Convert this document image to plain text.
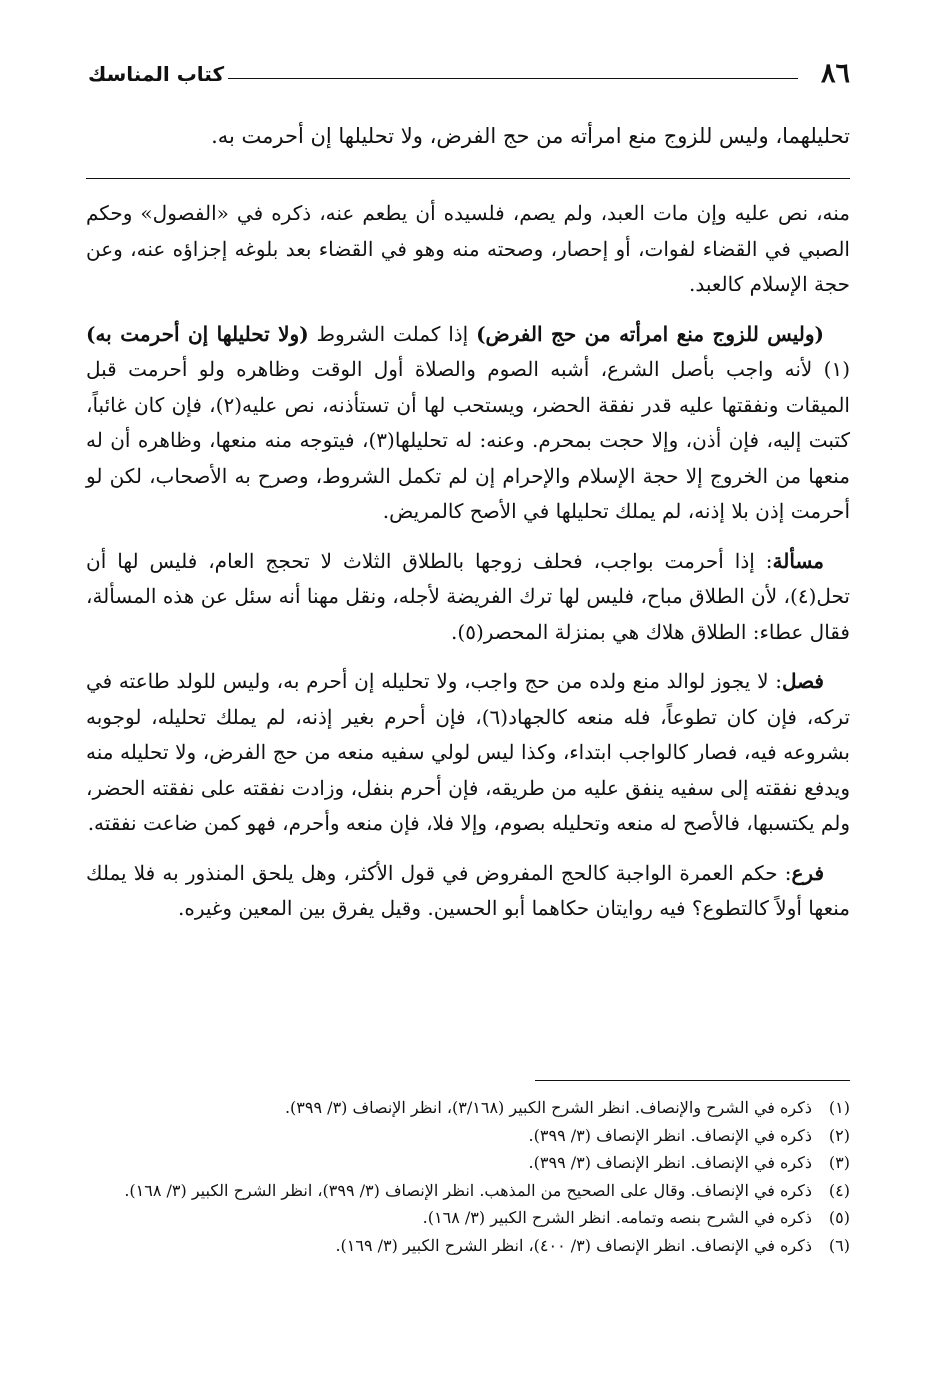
٨٦
كتاب المناسك
تحليلهما، وليس للزوج منع امرأته من حج الفرض، ولا تحليلها إن أحرمت به.

منه، نص عليه وإن مات العبد، ولم يصم، فلسيده أن يطعم عنه، ذكره في «الفصول» وحكم الصبي في القضاء لفوات، أو إحصار، وصحته منه وهو في القضاء بعد بلوغه إجزاؤه عنه، وعن حجة الإسلام كالعبد.

(وليس للزوج منع امرأته من حج الفرض) إذا كملت الشروط (ولا تحليلها إن أحرمت به)(١) لأنه واجب بأصل الشرع، أشبه الصوم والصلاة أول الوقت وظاهره ولو أحرمت قبل الميقات ونفقتها عليه قدر نفقة الحضر، ويستحب لها أن تستأذنه، نص عليه(٢)، فإن كان غائباً، كتبت إليه، فإن أذن، وإلا حجت بمحرم. وعنه: له تحليلها(٣)، فيتوجه منه منعها، وظاهره أن له منعها من الخروج إلا حجة الإسلام والإحرام إن لم تكمل الشروط، وصرح به الأصحاب، لكن لو أحرمت إذن بلا إذنه، لم يملك تحليلها في الأصح كالمريض.

مسألة: إذا أحرمت بواجب، فحلف زوجها بالطلاق الثلاث لا تحجج العام، فليس لها أن تحل(٤)، لأن الطلاق مباح، فليس لها ترك الفريضة لأجله، ونقل مهنا أنه سئل عن هذه المسألة، فقال عطاء: الطلاق هلاك هي بمنزلة المحصر(٥).

فصل: لا يجوز لوالد منع ولده من حج واجب، ولا تحليله إن أحرم به، وليس للولد طاعته في تركه، فإن كان تطوعاً، فله منعه كالجهاد(٦)، فإن أحرم بغير إذنه، لم يملك تحليله، لوجوبه بشروعه فيه، فصار كالواجب ابتداء، وكذا ليس لولي سفيه منعه من حج الفرض، ولا تحليله منه ويدفع نفقته إلى سفيه ينفق عليه من طريقه، فإن أحرم بنفل، وزادت نفقته على نفقته الحضر، ولم يكتسبها، فالأصح له منعه وتحليله بصوم، وإلا فلا، فإن منعه وأحرم، فهو كمن ضاعت نفقته.

فرع: حكم العمرة الواجبة كالحج المفروض في قول الأكثر، وهل يلحق المنذور به فلا يملك منعها أولاً كالتطوع؟ فيه روايتان حكاهما أبو الحسين. وقيل يفرق بين المعين وغيره.

(١)
ذكره في الشرح والإنصاف. انظر الشرح الكبير (٣/١٦٨)، انظر الإنصاف (٣/ ٣٩٩).
(٢)
ذكره في الإنصاف. انظر الإنصاف (٣/ ٣٩٩).
(٣)
ذكره في الإنصاف. انظر الإنصاف (٣/ ٣٩٩).
(٤)
ذكره في الإنصاف. وقال على الصحيح من المذهب. انظر الإنصاف (٣/ ٣٩٩)، انظر الشرح الكبير (٣/ ١٦٨).
(٥)
ذكره في الشرح بنصه وتمامه. انظر الشرح الكبير (٣/ ١٦٨).
(٦)
ذكره في الإنصاف. انظر الإنصاف (٣/ ٤٠٠)، انظر الشرح الكبير (٣/ ١٦٩).
